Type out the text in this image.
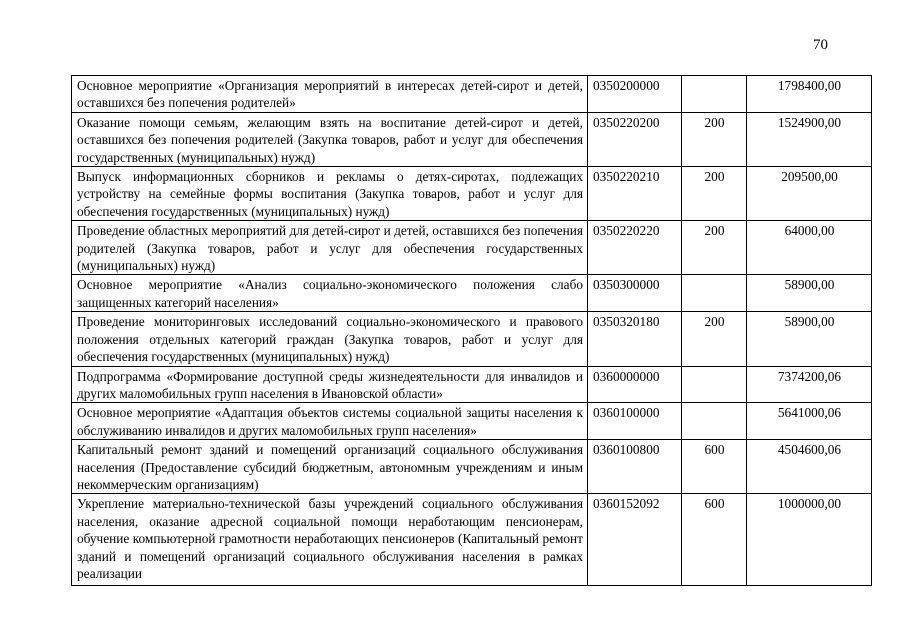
70
Основное мероприятие «Организация мероприятий в интересах детей-сирот и детей, оставшихся без попечения родителей»	0350200000		1798400,00
Оказание помощи семьям, желающим взять на воспитание детей-сирот и детей, оставшихся без попечения родителей (Закупка товаров, работ и услуг для обеспечения государственных (муниципальных) нужд)	0350220200	200	1524900,00
Выпуск информационных сборников и рекламы о детях-сиротах, подлежащих устройству на семейные формы воспитания (Закупка товаров, работ и услуг для обеспечения государственных (муниципальных) нужд)	0350220210	200	209500,00
Проведение областных мероприятий для детей-сирот и детей, оставшихся без попечения родителей (Закупка товаров, работ и услуг для обеспечения государственных (муниципальных) нужд)	0350220220	200	64000,00
Основное мероприятие «Анализ социально-экономического положения слабо защищенных категорий населения»	0350300000		58900,00
Проведение мониторинговых исследований социально-экономического и правового положения отдельных категорий граждан (Закупка товаров, работ и услуг для обеспечения государственных (муниципальных) нужд)	0350320180	200	58900,00
Подпрограмма «Формирование доступной среды жизнедеятельности для инвалидов и других маломобильных групп населения в Ивановской области»	0360000000		7374200,06
Основное мероприятие «Адаптация объектов системы социальной защиты населения к обслуживанию инвалидов и других маломобильных групп населения»	0360100000		5641000,06
Капитальный ремонт зданий и помещений организаций социального обслуживания населения (Предоставление субсидий бюджетным, автономным учреждениям и иным некоммерческим организациям)	0360100800	600	4504600,06
Укрепление материально-технической базы учреждений социального обслуживания населения, оказание адресной социальной помощи неработающим пенсионерам, обучение компьютерной грамотности неработающих пенсионеров (Капитальный ремонт зданий и помещений организаций социального обслуживания населения в рамках реализации	0360152092	600	1000000,00
